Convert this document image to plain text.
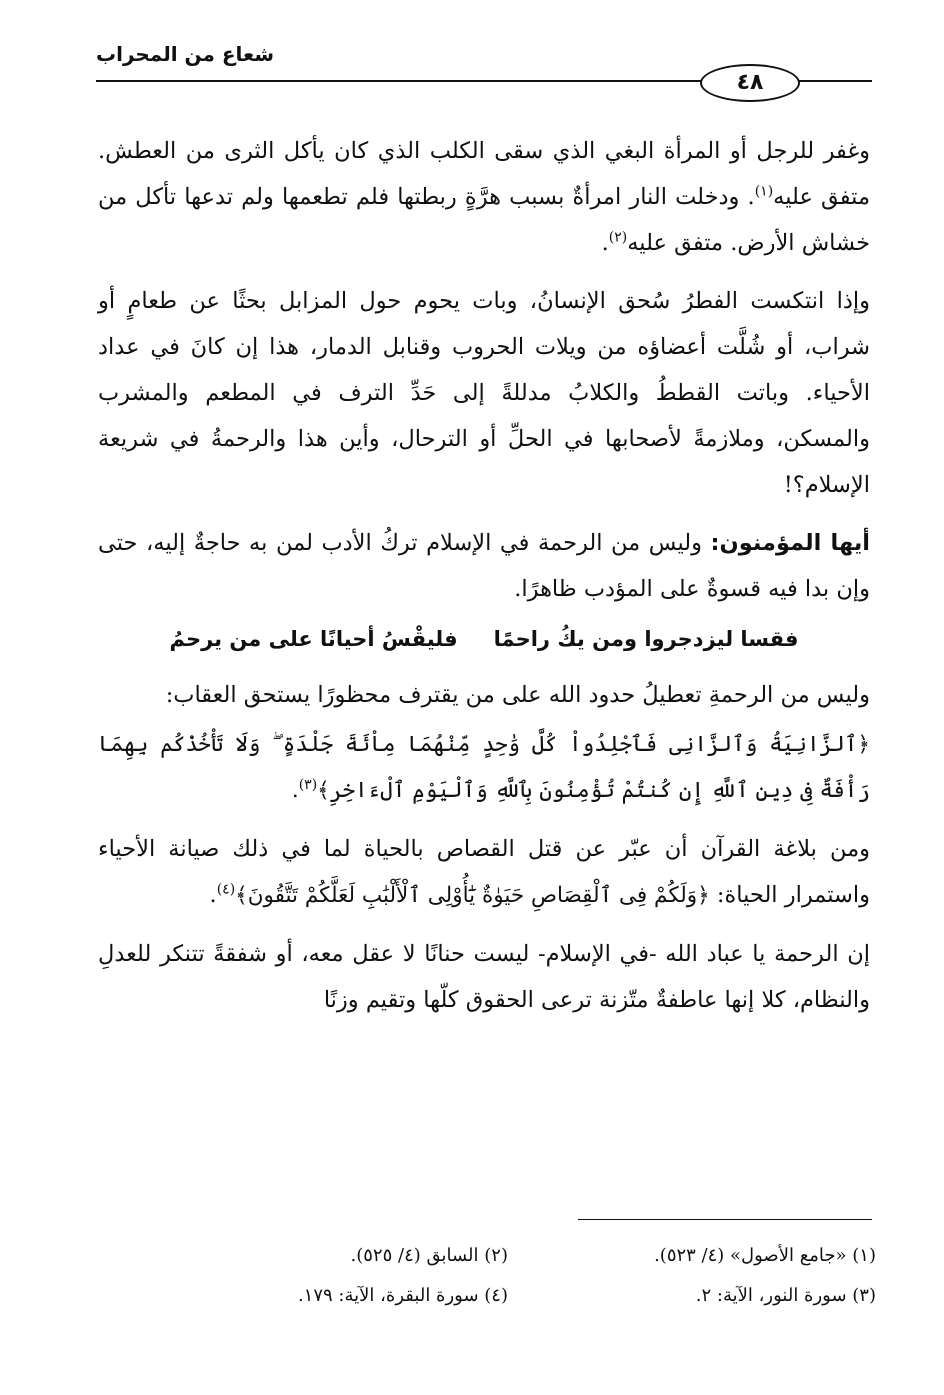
شعاع من المحراب
٤٨

وغفر للرجل أو المرأة البغي الذي سقى الكلب الذي كان يأكل الثرى من العطش. متفق عليه$^{(١)}$. ودخلت النار امرأةٌ بسبب هرَّةٍ ربطتها فلم تطعمها ولم تدعها تأكل من خشاش الأرض. متفق عليه$^{(٢)}$.

وإذا انتكست الفطرُ سُحق الإنسانُ، وبات يحوم حول المزابل بحثًا عن طعامٍ أو شراب، أو شُلَّت أعضاؤه من ويلات الحروب وقنابل الدمار، هذا إن كانَ في عداد الأحياء. وباتت القططُ والكلابُ مدللةً إلى حَدِّ الترف في المطعم والمشرب والمسكن، وملازمةً لأصحابها في الحلِّ أو الترحال، وأين هذا والرحمةُ في شريعة الإسلام؟!

أيها المؤمنون: وليس من الرحمة في الإسلام تركُ الأدب لمن به حاجةٌ إليه، حتى وإن بدا فيه قسوةٌ على المؤدب ظاهرًا.

فقسا ليزدجروا ومن يكُ راحمًا
فليقْسُ أحيانًا على من يرحمُ

وليس من الرحمةِ تعطيلُ حدود الله على من يقترف محظورًا يستحق العقاب:

﴿ٱلزَّانِيَةُ وَٱلزَّانِى فَٱجْلِدُواْ كُلَّ وَٰحِدٍ مِّنْهُمَا مِاْئَةَ جَلْدَةٍ ۖ وَلَا تَأْخُذْكُم بِهِمَا رَأْفَةٌ فِى دِينِ ٱللَّهِ إِن كُنتُمْ تُؤْمِنُونَ بِٱللَّهِ وَٱلْيَوْمِ ٱلْءَاخِرِ﴾$^{(٣)}$.

ومن بلاغة القرآن أن عبّر عن قتل القصاص بالحياة لما في ذلك صيانة الأحياء واستمرار الحياة: ﴿وَلَكُمْ فِى ٱلْقِصَاصِ حَيَوٰةٌ يَٰٓأُوْلِى ٱلْأَلْبَٰبِ لَعَلَّكُمْ تَتَّقُونَ﴾$^{(٤)}$.

إن الرحمة يا عباد الله -في الإسلام- ليست حنانًا لا عقل معه، أو شفقةً تتنكر للعدلِ والنظام، كلا إنها عاطفةٌ متّزنة ترعى الحقوق كلّها وتقيم وزنًا

(١) «جامع الأصول» (٤/ ٥٢٣).
(٢) السابق (٤/ ٥٢٥).
(٣) سورة النور، الآية: ٢.
(٤) سورة البقرة، الآية: ١٧٩.
